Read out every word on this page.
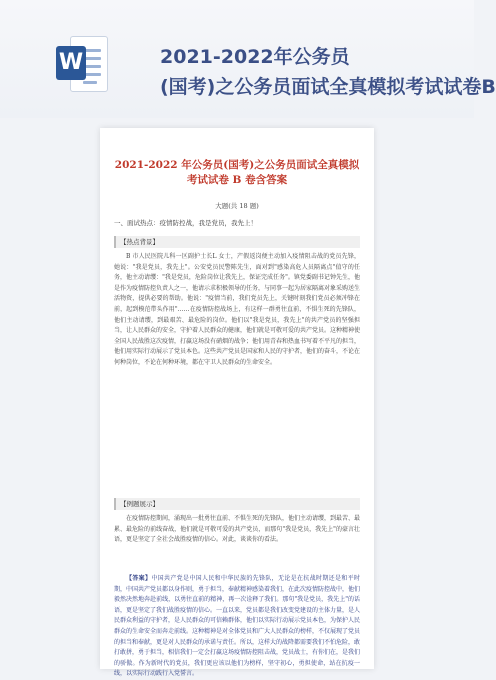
W	2021-2022年公务员
(国考)之公务员面试全真模拟考试试卷B
2021-2022 年公务员(国考)之公务员面试全真模拟
考试试卷 B 卷含答案
大题(共 18 题)
一、面试热点：疫情防控战，我是党员，我先上！
【热点背景】
B 市人民医院儿科一区副护士长L 女士，产假返岗便主动加入疫情阻击战的党员先锋，她说："我是党员，我先上"。公安党员民警陈先生，面对到"感染高危人员隔离点"值守的任务，他主动请缨："我是党员，危险岗位让我先上，保证完成任务"。镇党委副书记钟先生，他是作为疫情防控负责人之一，他请示求积极领导的任务，与同事一起为居家隔离对象采购送生活物资，提供必要的帮助。他说："疫情当前，我们党员先上，关键时刻我们党员必须冲锋在前，起到模范带头作用"……在疫情防控战场上，有这样一群勇往直前，不惧生死的先锋队，他们主动请缨，到最艰苦、最危险的岗位。他们以"我是党员，我先上"的共产党员的坚强担当，让人民群众的安全，守护着人民群众的健康，他们就是可敬可爱的共产党员。这种精神使全国人民战胜这次疫情，打赢这场没有硝烟的战争；他们用青春和热血书写着不平凡的担当，他们用实际行动展示了党员本色。这些共产党员是国家和人民的守护者，他们的奋斗，不论在何种岗位，不论在何种环境，都在守卫人民群众的生命安全。
【例题展示】
在疫情防控期间，涌现出一批勇往直前、不惧生死的先锋队，他们主动请缨，到最苦、最累、最危险的前线奋战，他们就是可敬可爱的共产党员，而那句"我是党员，我先上"的豪言壮语，更是坚定了全社会战胜疫情的信心。对此，谈谈你的看法。
【答案】中国共产党是中国人民和中华民族的先锋队，无论是在抗战时期还是和平时期，中国共产党员都以身作则，勇于担当，奉献精神感染着我们，在此次疫情防控战中，他们毅然决然地奔赴前线，以勇往直前的精神，再一次诠释了我们。那句"我是党员，我先上"的话语，更是坚定了我们战胜疫情的信心。一直以来，党员都是我们改变党建设的主体力量，是人民群众利益的守护者，是人民群众的可信赖群体，他们以实际行动展示党员本色，为保护人民群众的生命安全而奔走前线。这种精神是对全体党员和广大人民群众的榜样，不仅展现了党员的担当和奉献，更是对人民群众的承诺与责任。所以，这样大的战降都需要我们不怕危险，敢打敢拼，勇于担当，相信我们一定会打赢这场疫情防控阻击战，党员战士，有你们在，是我们的骄傲。作为新时代的党员，我们更应该以他们为榜样，坚守初心，勇担使命，站在抗疫一线，以实际行动践行入党誓言。
